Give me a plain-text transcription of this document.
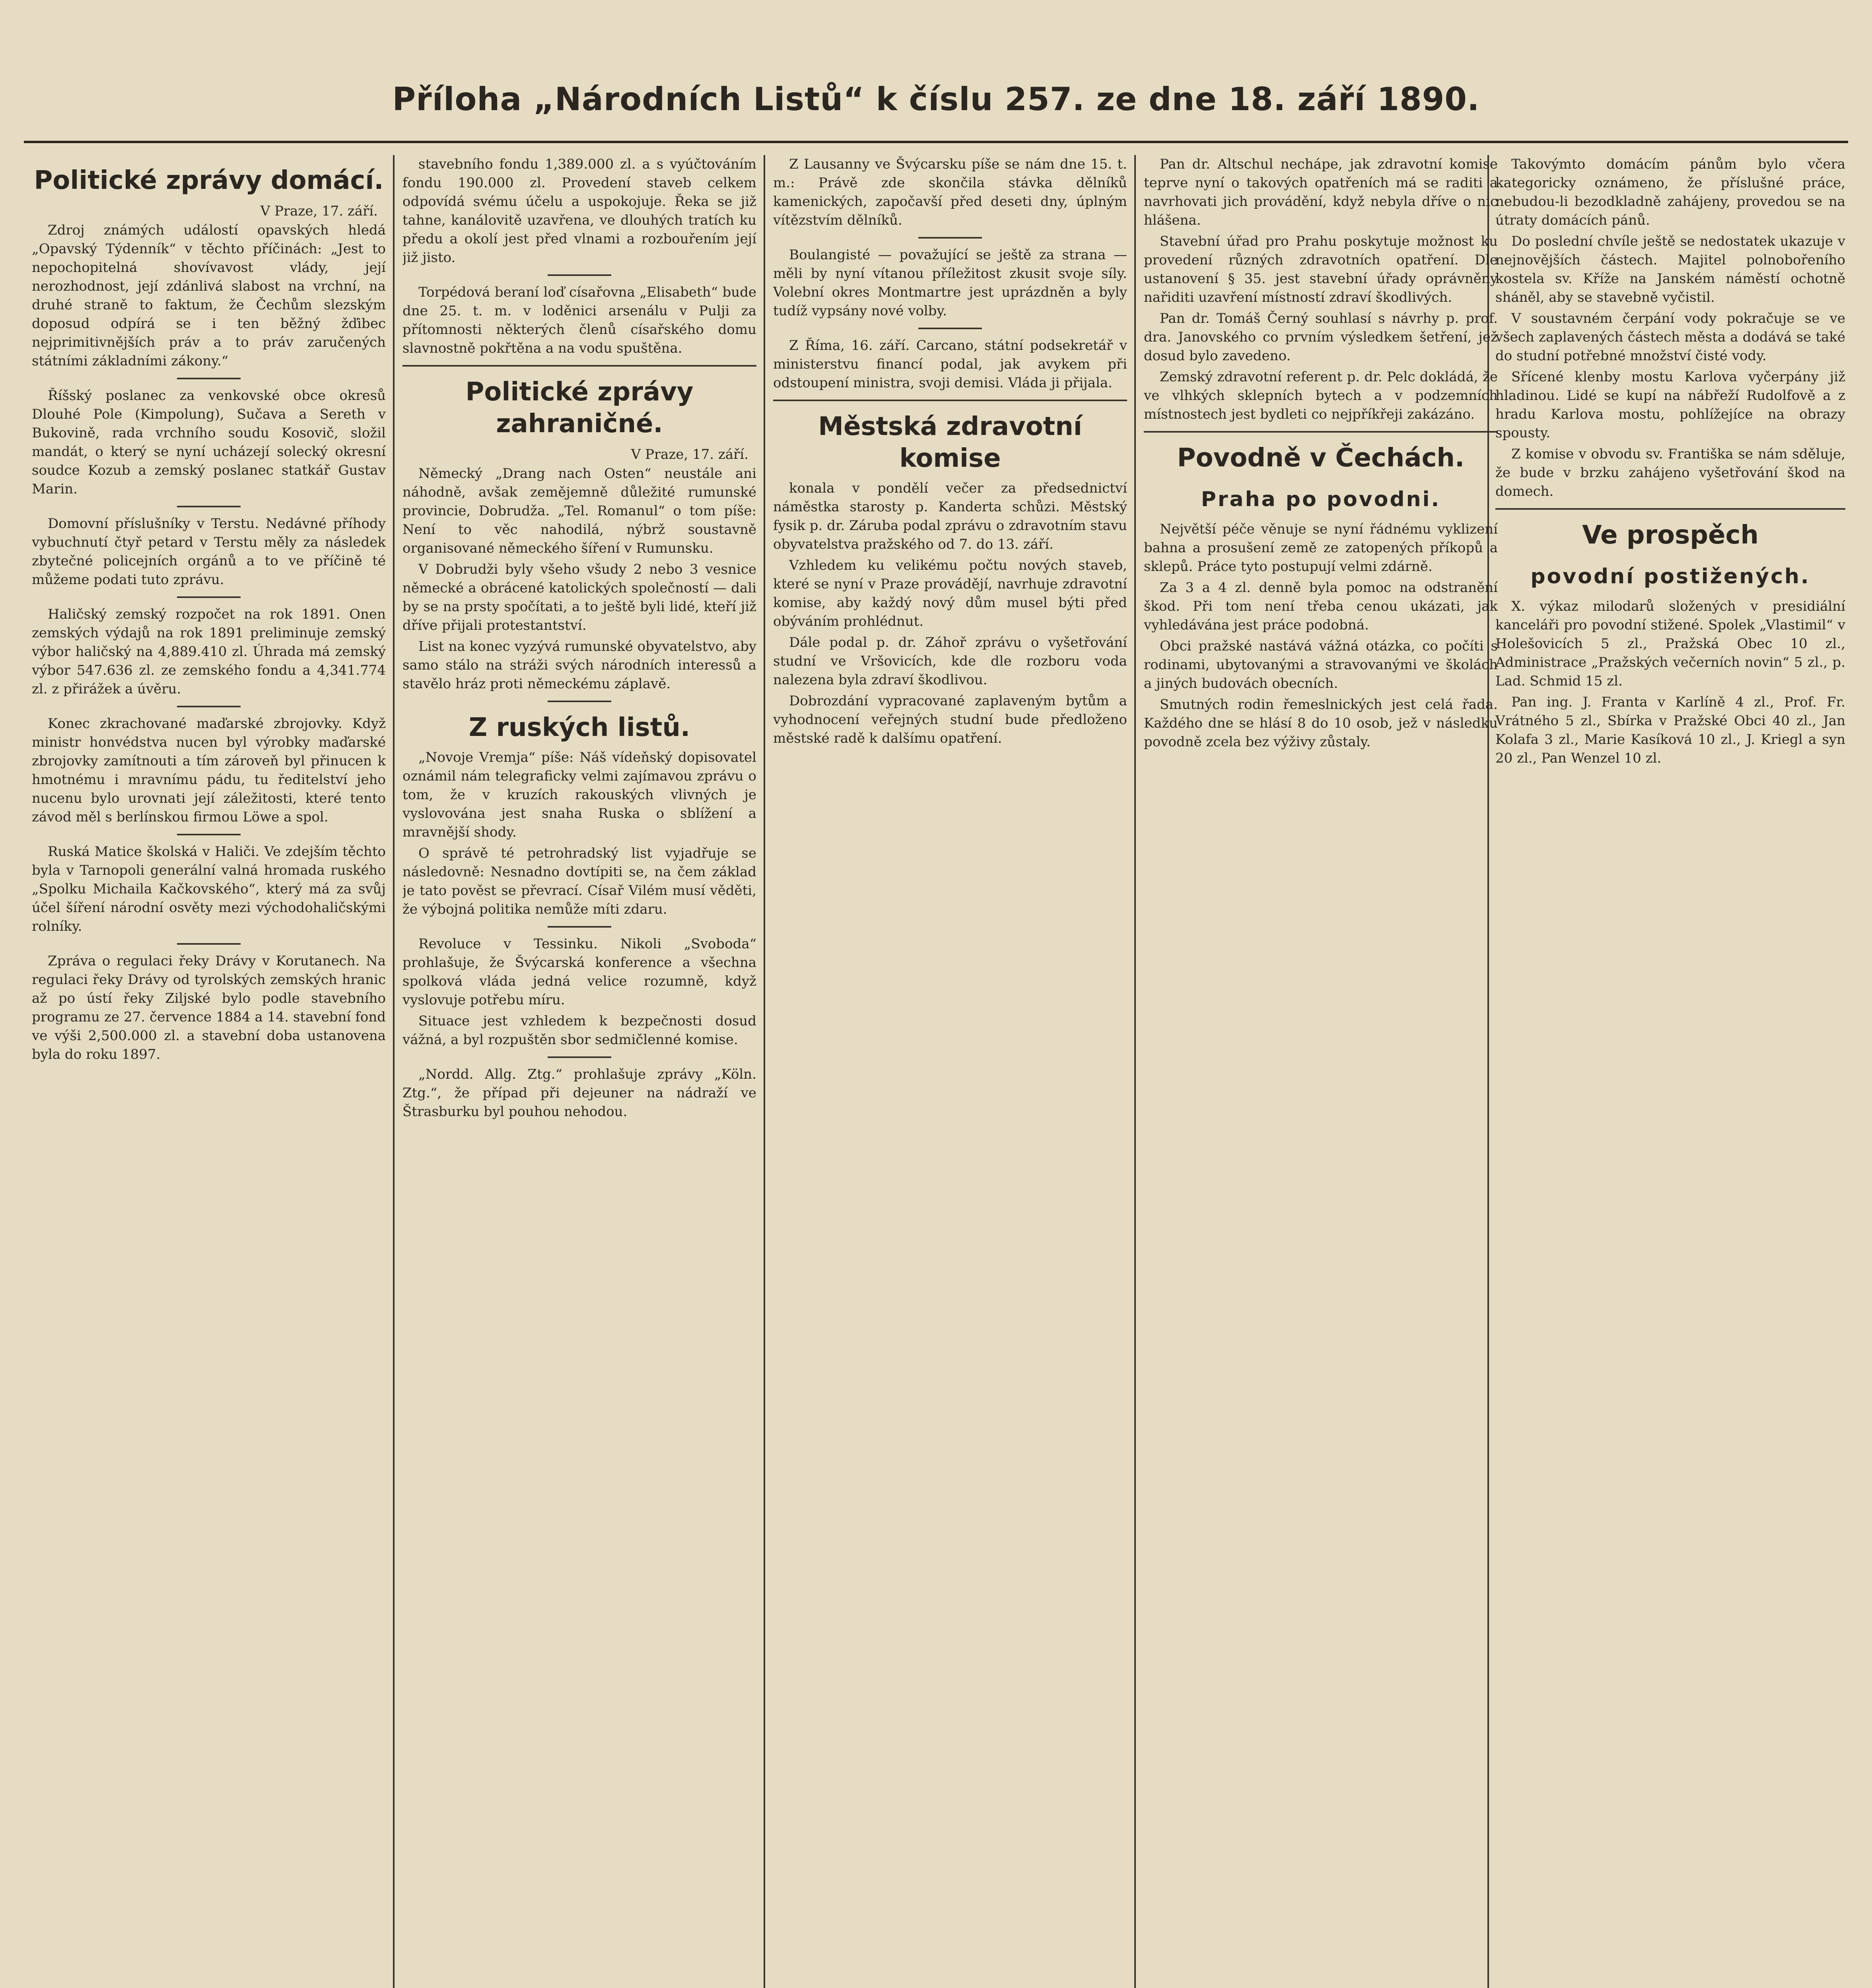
Příloha „Národních Listů“ k číslu 257. ze dne 18. září 1890.
Politické zprávy domácí.
V Praze, 17. září.

Zdroj známých událostí opavských hledá „Opavský Týdenník“ v těchto příčinách: „Jest to nepochopitelná shovívavost vlády, její nerozhodnost, její zdánlivá slabost na vrchní, na druhé straně to faktum, že Čechům slezským doposud odpírá se i ten běžný žďibec nejprimitivnějších práv a to práv zaručených státními základními zákony.“

Říšský poslanec za venkovské obce okresů Dlouhé Pole (Kimpolung), Sučava a Sereth v Bukovině, rada vrchního soudu Kosovič, složil mandát, o který se nyní ucházejí solecký okresní soudce Kozub a zemský poslanec statkář Gustav Marin.

Domovní příslušníky v Terstu. Nedávné příhody vybuchnutí čtyř petard v Terstu měly za následek zbytečné policejních orgánů a to ve příčině té můžeme podati tuto zprávu.

Haličský zemský rozpočet na rok 1891. Onen zemských výdajů na rok 1891 preliminuje zemský výbor haličský na 4,889.410 zl. Úhrada má zemský výbor 547.636 zl. ze zemského fondu a 4,341.774 zl. z přirážek a úvěru.

Konec zkrachované maďarské zbrojovky. Když ministr honvédstva nucen byl výrobky maďarské zbrojovky zamítnouti a tím zároveň byl přinucen k hmotnému i mravnímu pádu, tu ředitelství jeho nucenu bylo urovnati její záležitosti, které tento závod měl s berlínskou firmou Löwe a spol.

Ruská Matice školská v Haliči. Ve zdejším těchto byla v Tarnopoli generální valná hromada ruského „Spolku Michaila Kačkovského“, který má za svůj účel šíření národní osvěty mezi východohaličskými rolníky.

Zpráva o regulaci řeky Drávy v Korutanech. Na regulaci řeky Drávy od tyrolských zemských hranic až po ústí řeky Ziljské bylo podle stavebního programu ze 27. července 1884 a 14. stavební fond ve výši 2,500.000 zl. a stavební doba ustanovena byla do roku 1897.

stavebního fondu 1,389.000 zl. a s vyúčtováním fondu 190.000 zl. Provedení staveb celkem odpovídá svému účelu a uspokojuje. Řeka se již tahne, kanálovitě uzavřena, ve dlouhých tratích ku předu a okolí jest před vlnami a rozbouřením její již jisto.

Torpédová beraní loď císařovna „Elisabeth“ bude dne 25. t. m. v loděnici arsenálu v Pulji za přítomnosti některých členů císařského domu slavnostně pokřtěna a na vodu spuštěna.

Politické zprávy zahraničné.
V Praze, 17. září.

Německý „Drang nach Osten“ neustále ani náhodně, avšak zemějemně důležité rumunské provincie, Dobrudža. „Tel. Romanul“ o tom píše: Není to věc nahodilá, nýbrž soustavně organisované německého šíření v Rumunsku.

V Dobrudži byly všeho všudy 2 nebo 3 vesnice německé a obrácené katolických společností — dali by se na prsty spočítati, a to ještě byli lidé, kteří již dříve přijali protestantství.

List na konec vyzývá rumunské obyvatelstvo, aby samo stálo na stráži svých národních interessů a stavělo hráz proti německému záplavě.

Z ruských listů.

„Novoje Vremja“ píše: Náš vídeňský dopisovatel oznámil nám telegraficky velmi zajímavou zprávu o tom, že v kruzích rakouských vlivných je vyslovována jest snaha Ruska o sblížení a mravnější shody.

O správě té petrohradský list vyjadřuje se následovně: Nesnadno dovtípiti se, na čem základ je tato pověst se převrací. Císař Vilém musí věděti, že výbojná politika nemůže míti zdaru.

Revoluce v Tessinku. Nikoli „Svoboda“ prohlašuje, že Švýcarská konference a všechna spolková vláda jedná velice rozumně, když vyslovuje potřebu míru.

Situace jest vzhledem k bezpečnosti dosud vážná, a byl rozpuštěn sbor sedmičlenné komise.

„Nordd. Allg. Ztg.“ prohlašuje zprávy „Köln. Ztg.“, že případ při dejeuner na nádraží ve Štrasburku byl pouhou nehodou.

Z Lausanny ve Švýcarsku píše se nám dne 15. t. m.: Právě zde skončila stávka dělníků kamenických, započavší před deseti dny, úplným vítězstvím dělníků.

Boulangisté — považující se ještě za strana — měli by nyní vítanou příležitost zkusit svoje síly. Volební okres Montmartre jest uprázdněn a byly tudíž vypsány nové volby.

Z Říma, 16. září. Carcano, státní podsekretář v ministerstvu financí podal, jak avykem při odstoupení ministra, svoji demisi. Vláda ji přijala.

Městská zdravotní komise

konala v pondělí večer za předsednictví náměstka starosty p. Kanderta schůzi. Městský fysik p. dr. Záruba podal zprávu o zdravotním stavu obyvatelstva pražského od 7. do 13. září.

Vzhledem ku velikému počtu nových staveb, které se nyní v Praze provádějí, navrhuje zdravotní komise, aby každý nový dům musel býti před obýváním prohlédnut.

Dále podal p. dr. Záhoř zprávu o vyšetřování studní ve Vršovicích, kde dle rozboru voda nalezena byla zdraví škodlivou.

Dobrozdání vypracované zaplaveným bytům a vyhodnocení veřejných studní bude předloženo městské radě k dalšímu opatření.

Pan dr. Altschul nechápe, jak zdravotní komise teprve nyní o takových opatřeních má se raditi a navrhovati jich provádění, když nebyla dříve o nic hlášena.

Stavební úřad pro Prahu poskytuje možnost ku provedení různých zdravotních opatření. Dle ustanovení § 35. jest stavební úřady oprávněny nařiditi uzavření místností zdraví škodlivých.

Pan dr. Tomáš Černý souhlasí s návrhy p. prof. dra. Janovského co prvním výsledkem šetření, jež dosud bylo zavedeno.

Zemský zdravotní referent p. dr. Pelc dokládá, že ve vlhkých sklepních bytech a v podzemních místnostech jest bydleti co nejpříkřeji zakázáno.

Povodně v Čechách.
Praha po povodni.

Největší péče věnuje se nyní řádnému vyklizení bahna a prosušení země ze zatopených příkopů a sklepů. Práce tyto postupují velmi zdárně.

Za 3 a 4 zl. denně byla pomoc na odstranění škod. Při tom není třeba cenou ukázati, jak vyhledávána jest práce podobná.

Obci pražské nastává vážná otázka, co počíti s rodinami, ubytovanými a stravovanými ve školách a jiných budovách obecních.

Smutných rodin řemeslnických jest celá řada. Každého dne se hlásí 8 do 10 osob, jež v následku povodně zcela bez výživy zůstaly.

Takovýmto domácím pánům bylo včera kategoricky oznámeno, že příslušné práce, nebudou-li bezodkladně zahájeny, provedou se na útraty domácích pánů.

Do poslední chvíle ještě se nedostatek ukazuje v nejnovějších částech. Majitel polnobořeního kostela sv. Kříže na Janském náměstí ochotně sháněl, aby se stavebně vyčistil.

V soustavném čerpání vody pokračuje se ve všech zaplavených částech města a dodává se také do studní potřebné množství čisté vody.

Sřícené klenby mostu Karlova vyčerpány již hladinou. Lidé se kupí na nábřeží Rudolfově a z hradu Karlova mostu, pohlížejíce na obrazy spousty.

Z komise v obvodu sv. Františka se nám sděluje, že bude v brzku zahájeno vyšetřování škod na domech.

Ve prospěch
povodní postižených.

X. výkaz milodarů složených v presidiální kanceláři pro povodní stižené. Spolek „Vlastimil“ v Holešovicích 5 zl., Pražská Obec 10 zl., Administrace „Pražských večerních novin“ 5 zl., p. Lad. Schmid 15 zl.

Pan ing. J. Franta v Karlíně 4 zl., Prof. Fr. Vrátného 5 zl., Sbírka v Pražské Obci 40 zl., Jan Kolafa 3 zl., Marie Kasíková 10 zl., J. Kriegl a syn 20 zl., Pan Wenzel 10 zl.
